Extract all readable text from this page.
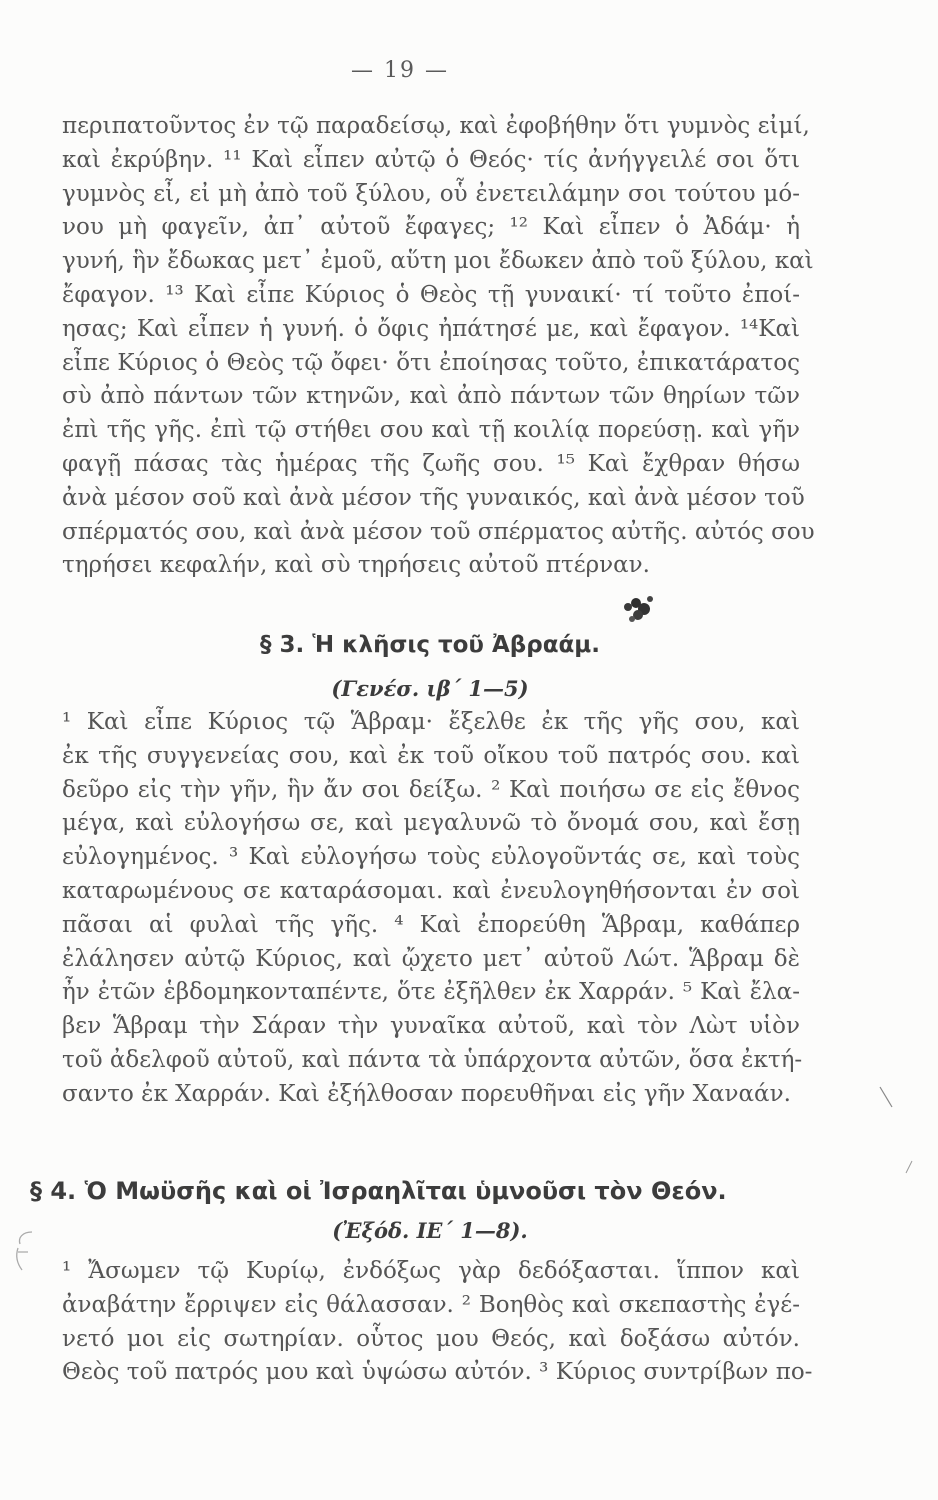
— 19 —
περιπατοῦντος ἐν τῷ παραδείσῳ, καὶ ἐφοβήθην ὅτι γυμνὸς εἰμί,
καὶ ἐκρύβην. ¹¹ Καὶ εἶπεν αὐτῷ ὁ Θεός· τίς ἀνήγγειλέ σοι ὅτι
γυμνὸς εἶ, εἰ μὴ ἀπὸ τοῦ ξύλου, οὗ ἐνετειλάμην σοι τούτου μό-
νου μὴ φαγεῖν, ἀπ᾽ αὐτοῦ ἔφαγες; ¹² Καὶ εἶπεν ὁ Ἀδάμ· ἡ
γυνή, ἣν ἔδωκας μετ᾽ ἐμοῦ, αὕτη μοι ἔδωκεν ἀπὸ τοῦ ξύλου, καὶ
ἔφαγον. ¹³ Καὶ εἶπε Κύριος ὁ Θεὸς τῇ γυναικί· τί τοῦτο ἐποί-
ησας; Καὶ εἶπεν ἡ γυνή. ὁ ὄφις ἠπάτησέ με, καὶ ἔφαγον. ¹⁴Καὶ
εἶπε Κύριος ὁ Θεὸς τῷ ὄφει· ὅτι ἐποίησας τοῦτο, ἐπικατάρατος
σὺ ἀπὸ πάντων τῶν κτηνῶν, καὶ ἀπὸ πάντων τῶν θηρίων τῶν
ἐπὶ τῆς γῆς. ἐπὶ τῷ στήθει σου καὶ τῇ κοιλίᾳ πορεύσῃ. καὶ γῆν
φαγῇ πάσας τὰς ἡμέρας τῆς ζωῆς σου. ¹⁵ Καὶ ἔχθραν θήσω
ἀνὰ μέσον σοῦ καὶ ἀνὰ μέσον τῆς γυναικός, καὶ ἀνὰ μέσον τοῦ
σπέρματός σου, καὶ ἀνὰ μέσον τοῦ σπέρματος αὐτῆς. αὐτός σου
τηρήσει κεφαλήν, καὶ σὺ τηρήσεις αὐτοῦ πτέρναν.
§ 3. Ἡ κλῆσις τοῦ Ἀβραάμ.
(Γενέσ. ιβ΄ 1—5)
¹ Καὶ εἶπε Κύριος τῷ Ἅβραμ· ἔξελθε ἐκ τῆς γῆς σου, καὶ
ἐκ τῆς συγγενείας σου, καὶ ἐκ τοῦ οἴκου τοῦ πατρός σου. καὶ
δεῦρο εἰς τὴν γῆν, ἣν ἄν σοι δείξω. ² Καὶ ποιήσω σε εἰς ἔθνος
μέγα, καὶ εὐλογήσω σε, καὶ μεγαλυνῶ τὸ ὄνομά σου, καὶ ἔσῃ
εὐλογημένος. ³ Καὶ εὐλογήσω τοὺς εὐλογοῦντάς σε, καὶ τοὺς
καταρωμένους σε καταράσομαι. καὶ ἐνευλογηθήσονται ἐν σοὶ
πᾶσαι αἱ φυλαὶ τῆς γῆς. ⁴ Καὶ ἐπορεύθη Ἅβραμ, καθάπερ
ἐλάλησεν αὐτῷ Κύριος, καὶ ᾤχετο μετ᾽ αὐτοῦ Λώτ. Ἅβραμ δὲ
ἦν ἐτῶν ἑβδομηκονταπέντε, ὅτε ἐξῆλθεν ἐκ Χαρράν. ⁵ Καὶ ἔλα-
βεν Ἅβραμ τὴν Σάραν τὴν γυναῖκα αὐτοῦ, καὶ τὸν Λὼτ υἱὸν
τοῦ ἀδελφοῦ αὐτοῦ, καὶ πάντα τὰ ὑπάρχοντα αὐτῶν, ὅσα ἐκτή-
σαντο ἐκ Χαρράν. Καὶ ἐξήλθοσαν πορευθῆναι εἰς γῆν Χαναάν.
§ 4. Ὁ Μωϋσῆς καὶ οἱ Ἰσραηλῖται ὑμνοῦσι τὸν Θεόν.
(Ἐξόδ. ΙΕ΄ 1—8).
¹ Ἄσωμεν τῷ Κυρίῳ, ἐνδόξως γὰρ δεδόξασται. ἵππον καὶ
ἀναβάτην ἔρριψεν εἰς θάλασσαν. ² Βοηθὸς καὶ σκεπαστὴς ἐγέ-
νετό μοι εἰς σωτηρίαν. οὗτος μου Θεός, καὶ δοξάσω αὐτόν.
Θεὸς τοῦ πατρός μου καὶ ὑψώσω αὐτόν. ³ Κύριος συντρίβων πο-
